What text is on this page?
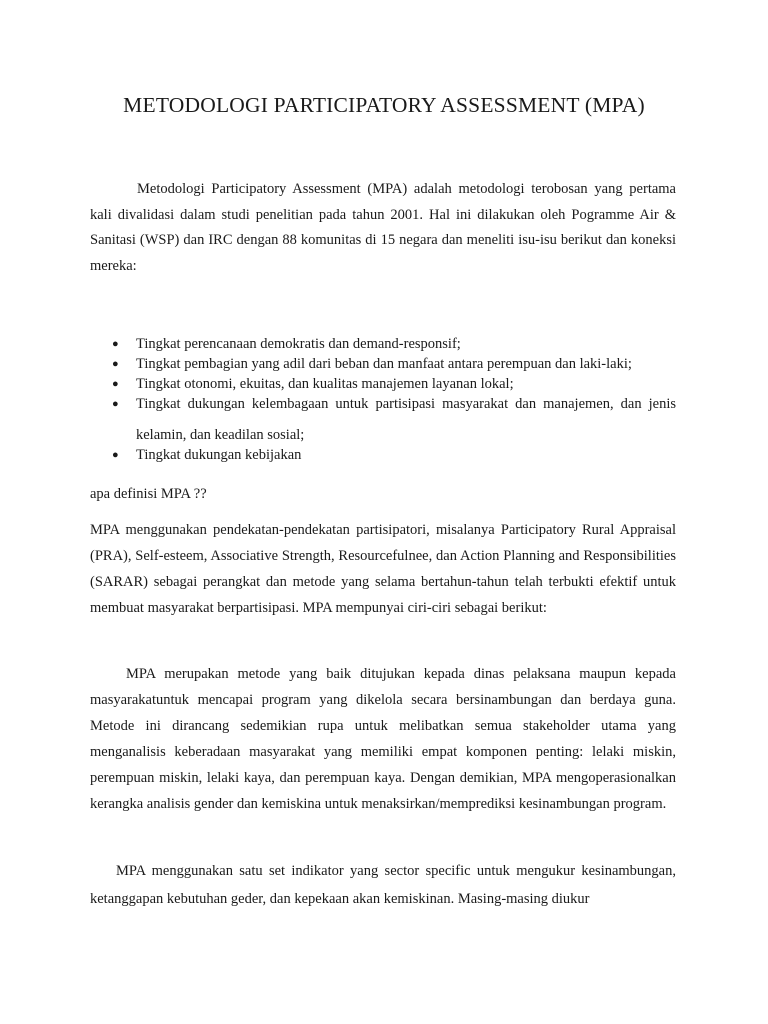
METODOLOGI PARTICIPATORY ASSESSMENT (MPA)

Metodologi Participatory Assessment (MPA) adalah metodologi terobosan yang pertama kali divalidasi dalam studi penelitian pada tahun 2001. Hal ini dilakukan oleh Pogramme Air & Sanitasi (WSP) dan IRC dengan 88 komunitas di 15 negara dan meneliti isu-isu berikut dan koneksi mereka:

● Tingkat perencanaan demokratis dan demand-responsif;
● Tingkat pembagian yang adil dari beban dan manfaat antara perempuan dan laki-laki;
● Tingkat otonomi, ekuitas, dan kualitas manajemen layanan lokal;
● Tingkat dukungan kelembagaan untuk partisipasi masyarakat dan manajemen, dan jenis kelamin, dan keadilan sosial;
● Tingkat dukungan kebijakan

apa definisi MPA ??

MPA menggunakan pendekatan-pendekatan partisipatori, misalanya Participatory Rural Appraisal (PRA), Self-esteem, Associative Strength, Resourcefulnee, dan Action Planning and Responsibilities (SARAR) sebagai perangkat dan metode yang selama bertahun-tahun telah terbukti efektif untuk membuat masyarakat berpartisipasi. MPA mempunyai ciri-ciri sebagai berikut:

MPA merupakan metode yang baik ditujukan kepada dinas pelaksana maupun kepada masyarakatuntuk mencapai program yang dikelola secara bersinambungan dan berdaya guna. Metode ini dirancang sedemikian rupa untuk melibatkan semua stakeholder utama yang menganalisis keberadaan masyarakat yang memiliki empat komponen penting: lelaki miskin, perempuan miskin, lelaki kaya, dan perempuan kaya. Dengan demikian, MPA mengoperasionalkan kerangka analisis gender dan kemiskina untuk menaksirkan/memprediksi kesinambungan program.

MPA menggunakan satu set indikator yang sector specific untuk mengukur kesinambungan, ketanggapan kebutuhan geder, dan kepekaan akan kemiskinan. Masing-masing diukur
